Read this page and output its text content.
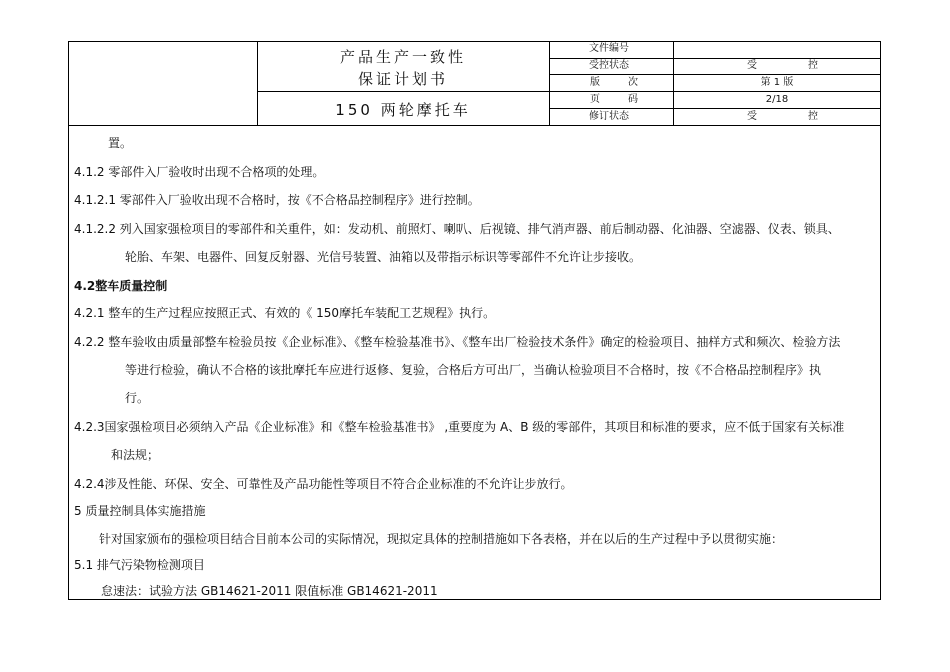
产品生产一致性
保证计划书
150 两轮摩托车
文件编号
受控状态	受	控
版	次	第 1 版
页	码	2/18
修订状态	受	控
置。
4.1.2 零部件入厂验收时出现不合格项的处理。
4.1.2.1 零部件入厂验收出现不合格时，按《不合格品控制程序》进行控制。
4.1.2.2 列入国家强检项目的零部件和关重件，如：发动机、前照灯、喇叭、后视镜、排气消声器、前后制动器、化油器、空滤器、仪表、锁具、
轮胎、车架、电器件、回复反射器、光信号装置、油箱以及带指示标识等零部件不允许让步接收。
4.2整车质量控制
4.2.1 整车的生产过程应按照正式、有效的《 150摩托车装配工艺规程》执行。
4.2.2 整车验收由质量部整车检验员按《企业标准》、《整车检验基准书》、《整车出厂检验技术条件》确定的检验项目、抽样方式和频次、检验方法
等进行检验，确认不合格的该批摩托车应进行返修、复验，合格后方可出厂，当确认检验项目不合格时，按《不合格品控制程序》执
行。
4.2.3国家强检项目必须纳入产品《企业标准》和《整车检验基准书》 ,重要度为 A、B 级的零部件，其项目和标准的要求，应不低于国家有关标准
和法规；
4.2.4涉及性能、环保、安全、可靠性及产品功能性等项目不符合企业标准的不允许让步放行。
5 质量控制具体实施措施
针对国家颁布的强检项目结合目前本公司的实际情况，现拟定具体的控制措施如下各表格，并在以后的生产过程中予以贯彻实施：
5.1 排气污染物检测项目
怠速法：试验方法 GB14621-2011 限值标准 GB14621-2011
